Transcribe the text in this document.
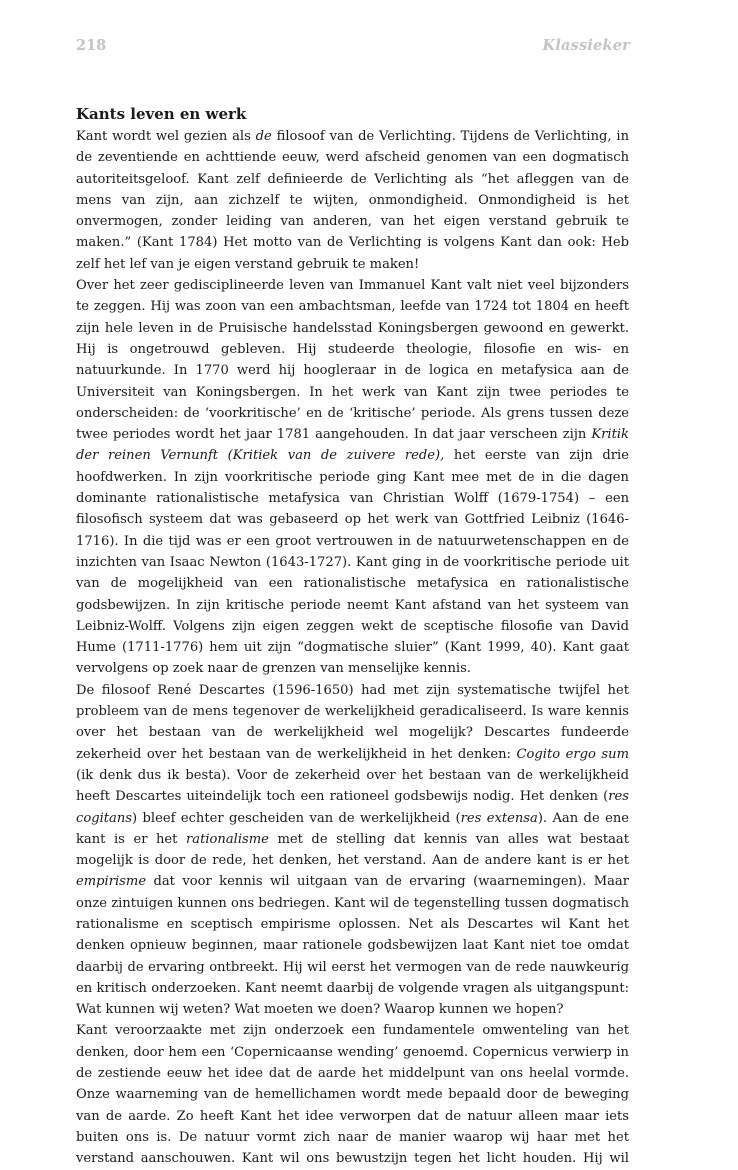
218	Klassieker
Kants leven en werk

Kant wordt wel gezien als de filosoof van de Verlichting. Tijdens de Verlichting, in de zeventiende en achttiende eeuw, werd afscheid genomen van een dogmatisch autoriteitsgeloof. Kant zelf definieerde de Verlichting als “het afleggen van de mens van zijn, aan zichzelf te wijten, onmondigheid. Onmondigheid is het onvermogen, zonder leiding van anderen, van het eigen verstand gebruik te maken.” (Kant 1784) Het motto van de Verlichting is volgens Kant dan ook: Heb zelf het lef van je eigen verstand gebruik te maken!

Over het zeer gedisciplineerde leven van Immanuel Kant valt niet veel bijzonders te zeggen. Hij was zoon van een ambachtsman, leefde van 1724 tot 1804 en heeft zijn hele leven in de Pruisische handelsstad Koningsbergen gewoond en gewerkt. Hij is ongetrouwd gebleven. Hij studeerde theologie, filosofie en wis- en natuurkunde. In 1770 werd hij hoogleraar in de logica en metafysica aan de Universiteit van Koningsbergen. In het werk van Kant zijn twee periodes te onderscheiden: de ‘voorkritische’ en de ‘kritische’ periode. Als grens tussen deze twee periodes wordt het jaar 1781 aangehouden. In dat jaar verscheen zijn Kritik der reinen Vernunft (Kritiek van de zuivere rede), het eerste van zijn drie hoofdwerken. In zijn voorkritische periode ging Kant mee met de in die dagen dominante rationalistische metafysica van Christian Wolff (1679-1754) – een filosofisch systeem dat was gebaseerd op het werk van Gottfried Leibniz (1646-1716). In die tijd was er een groot vertrouwen in de natuurwetenschappen en de inzichten van Isaac Newton (1643-1727). Kant ging in de voorkritische periode uit van de mogelijkheid van een rationalistische metafysica en rationalistische godsbewijzen. In zijn kritische periode neemt Kant afstand van het systeem van Leibniz-Wolff. Volgens zijn eigen zeggen wekt de sceptische filosofie van David Hume (1711-1776) hem uit zijn “dogmatische sluier” (Kant 1999, 40). Kant gaat vervolgens op zoek naar de grenzen van menselijke kennis.

De filosoof René Descartes (1596-1650) had met zijn systematische twijfel het probleem van de mens tegenover de werkelijkheid geradicaliseerd. Is ware kennis over het bestaan van de werkelijkheid wel mogelijk? Descartes fundeerde zekerheid over het bestaan van de werkelijkheid in het denken: Cogito ergo sum (ik denk dus ik besta). Voor de zekerheid over het bestaan van de werkelijkheid heeft Descartes uiteindelijk toch een rationeel godsbewijs nodig. Het denken (res cogitans) bleef echter gescheiden van de werkelijkheid (res extensa). Aan de ene kant is er het rationalisme met de stelling dat kennis van alles wat bestaat mogelijk is door de rede, het denken, het verstand. Aan de andere kant is er het empirisme dat voor kennis wil uitgaan van de ervaring (waarnemingen). Maar onze zintuigen kunnen ons bedriegen. Kant wil de tegenstelling tussen dogmatisch rationalisme en sceptisch empirisme oplossen. Net als Descartes wil Kant het denken opnieuw beginnen, maar rationele godsbewijzen laat Kant niet toe omdat daarbij de ervaring ontbreekt. Hij wil eerst het vermogen van de rede nauwkeurig en kritisch onderzoeken. Kant neemt daarbij de volgende vragen als uitgangspunt: Wat kunnen wij weten? Wat moeten we doen? Waarop kunnen we hopen?

Kant veroorzaakte met zijn onderzoek een fundamentele omwenteling van het denken, door hem een ‘Copernicaanse wending’ genoemd. Copernicus verwierp in de zestiende eeuw het idee dat de aarde het middelpunt van ons heelal vormde. Onze waarneming van de hemellichamen wordt mede bepaald door de beweging van de aarde. Zo heeft Kant het idee verworpen dat de natuur alleen maar iets buiten ons is. De natuur vormt zich naar de manier waarop wij haar met het verstand aanschouwen. Kant wil ons bewustzijn tegen het licht houden. Hij wil
